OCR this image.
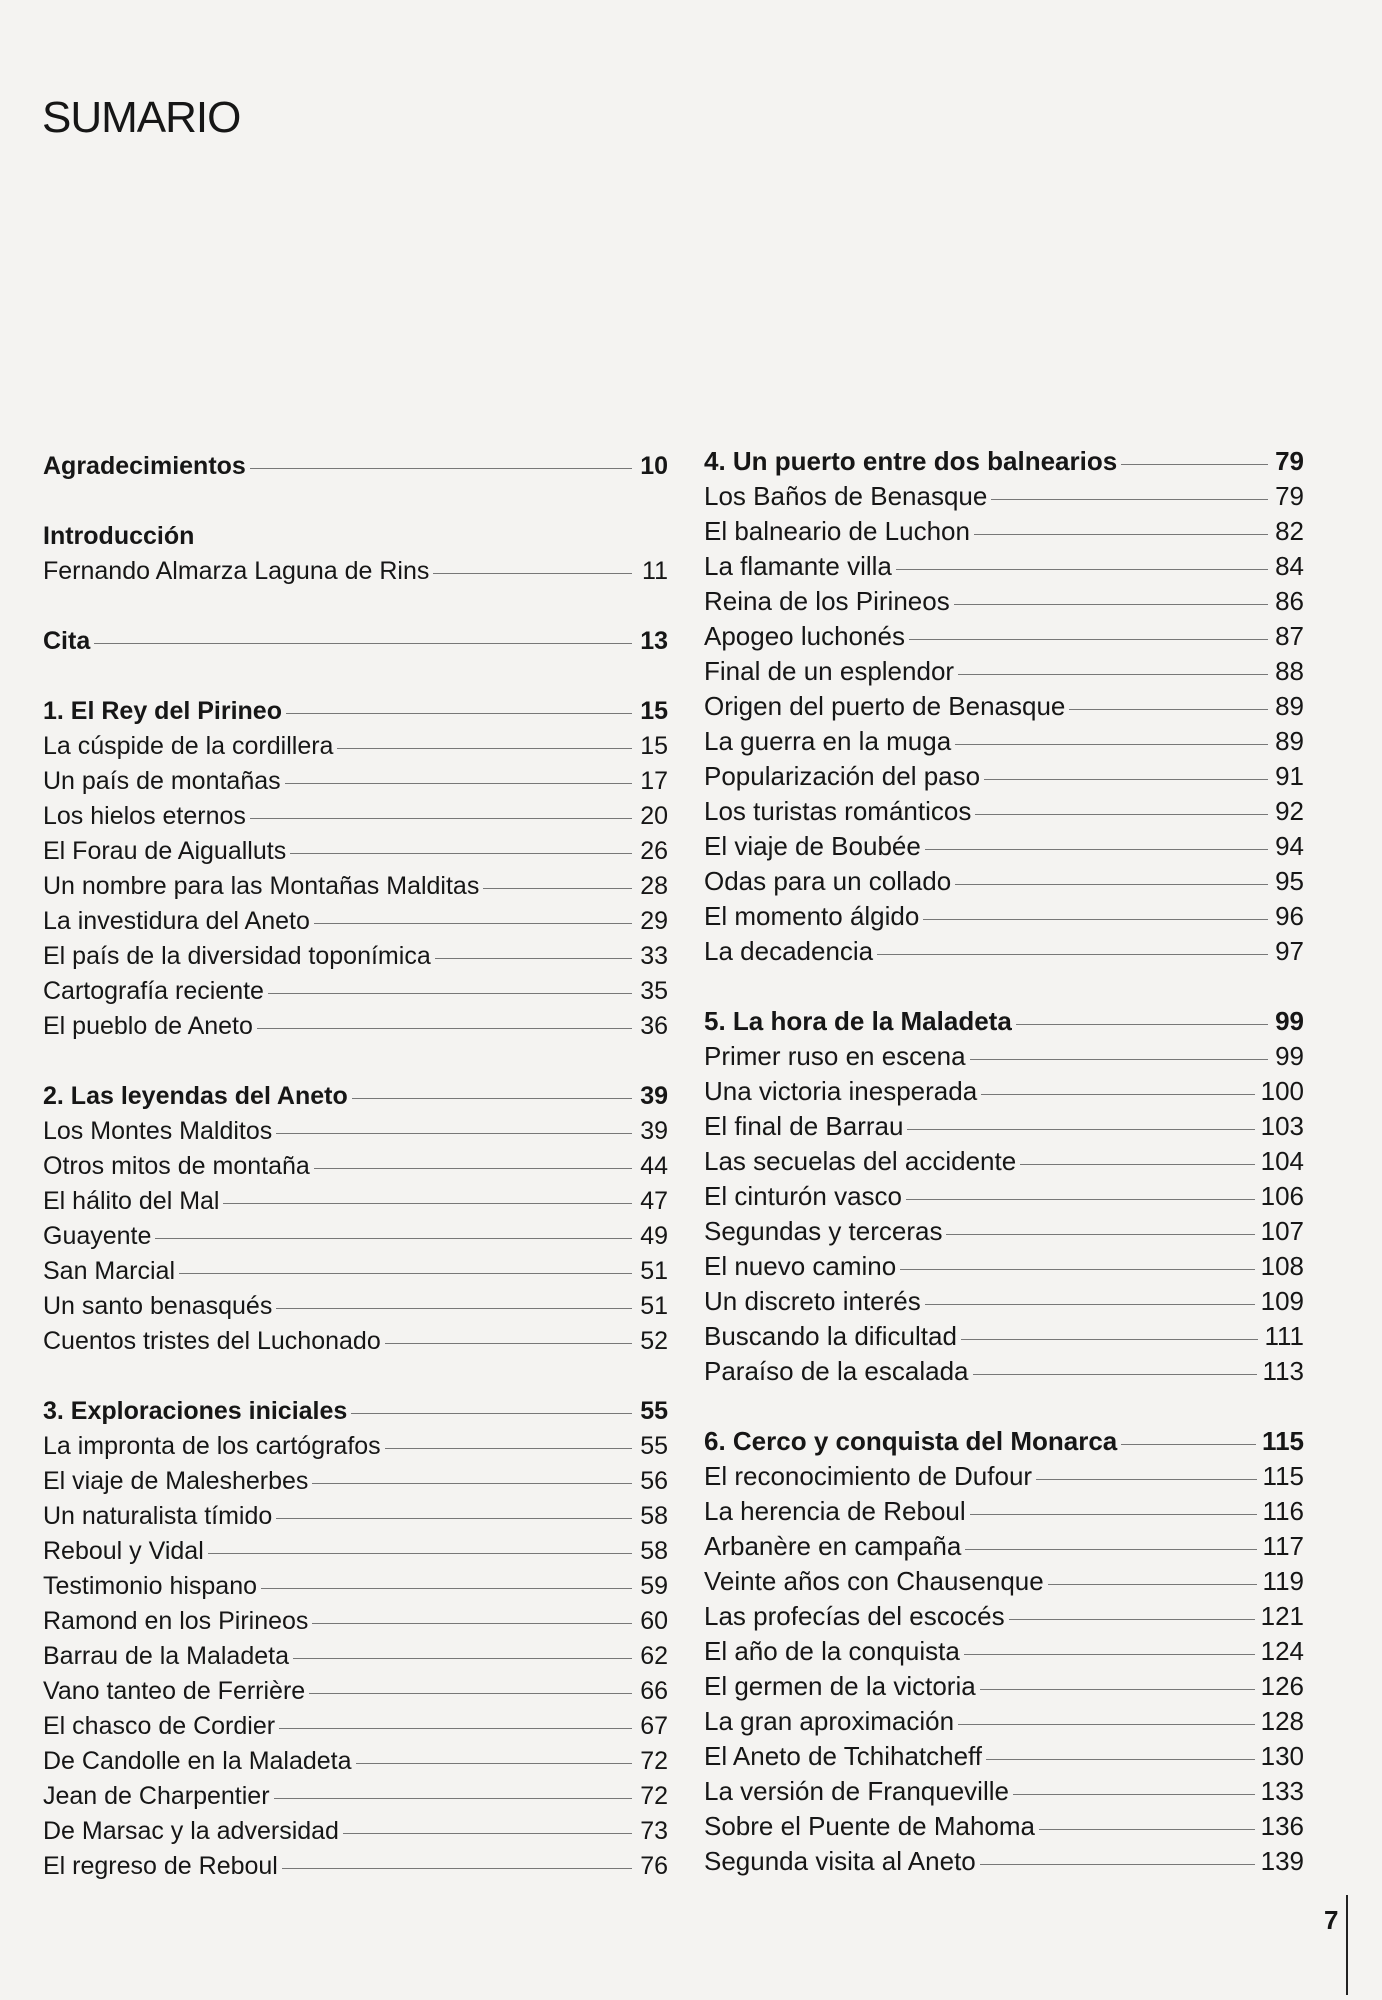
SUMARIO
Agradecimientos	10
Introducción
Fernando Almarza Laguna de Rins	11
Cita	13
1. El Rey del Pirineo	15
La cúspide de la cordillera	15
Un país de montañas	17
Los hielos eternos	20
El Forau de Aigualluts	26
Un nombre para las Montañas Malditas	28
La investidura del Aneto	29
El país de la diversidad toponímica	33
Cartografía reciente	35
El pueblo de Aneto	36
2. Las leyendas del Aneto	39
Los Montes Malditos	39
Otros mitos de montaña	44
El hálito del Mal	47
Guayente	49
San Marcial	51
Un santo benasqués	51
Cuentos tristes del Luchonado	52
3. Exploraciones iniciales	55
La impronta de los cartógrafos	55
El viaje de Malesherbes	56
Un naturalista tímido	58
Reboul y Vidal	58
Testimonio hispano	59
Ramond en los Pirineos	60
Barrau de la Maladeta	62
Vano tanteo de Ferrière	66
El chasco de Cordier	67
De Candolle en la Maladeta	72
Jean de Charpentier	72
De Marsac y la adversidad	73
El regreso de Reboul	76
4. Un puerto entre dos balnearios	79
Los Baños de Benasque	79
El balneario de Luchon	82
La flamante villa	84
Reina de los Pirineos	86
Apogeo luchonés	87
Final de un esplendor	88
Origen del puerto de Benasque	89
La guerra en la muga	89
Popularización del paso	91
Los turistas románticos	92
El viaje de Boubée	94
Odas para un collado	95
El momento álgido	96
La decadencia	97
5. La hora de la Maladeta	99
Primer ruso en escena	99
Una victoria inesperada	100
El final de Barrau	103
Las secuelas del accidente	104
El cinturón vasco	106
Segundas y terceras	107
El nuevo camino	108
Un discreto interés	109
Buscando la dificultad	111
Paraíso de la escalada	113
6. Cerco y conquista del Monarca	115
El reconocimiento de Dufour	115
La herencia de Reboul	116
Arbanère en campaña	117
Veinte años con Chausenque	119
Las profecías del escocés	121
El año de la conquista	124
El germen de la victoria	126
La gran aproximación	128
El Aneto de Tchihatcheff	130
La versión de Franqueville	133
Sobre el Puente de Mahoma	136
Segunda visita al Aneto	139
7
